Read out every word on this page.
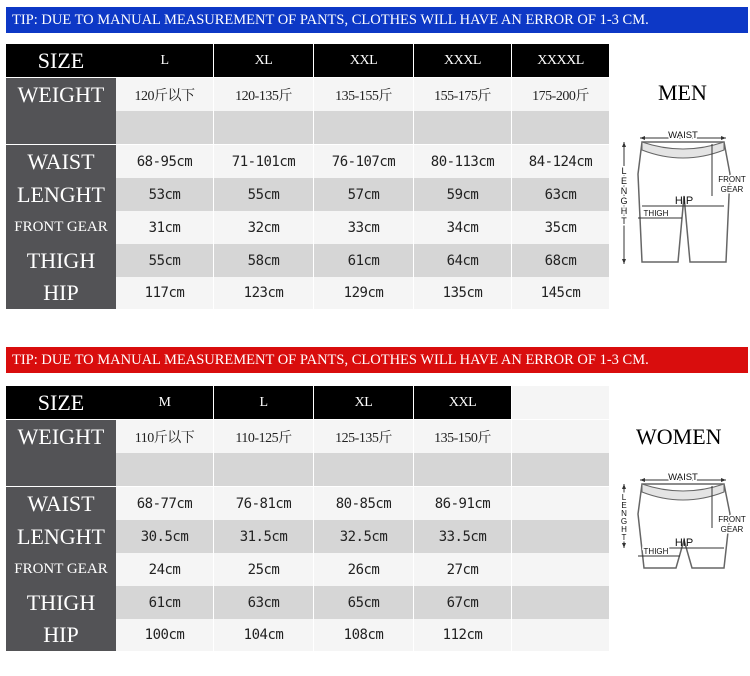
TIP: DUE TO MANUAL MEASUREMENT OF PANTS, CLOTHES WILL HAVE AN ERROR OF 1-3 CM.
SIZE	L	XL	XXL	XXXL	XXXXL
WEIGHT	120斤以下	120-135斤	135-155斤	155-175斤	175-200斤
WAIST	68-95cm	71-101cm	76-107cm	80-113cm	84-124cm
LENGHT	53cm	55cm	57cm	59cm	63cm
FRONT GEAR	31cm	32cm	33cm	34cm	35cm
THIGH	55cm	58cm	61cm	64cm	68cm
HIP	117cm	123cm	129cm	135cm	145cm
MEN
WAIST
L
E
N
G
H
T
HIP
THIGH
FRONT
GEAR
TIP: DUE TO MANUAL MEASUREMENT OF PANTS, CLOTHES WILL HAVE AN ERROR OF 1-3 CM.
SIZE	M	L	XL	XXL
WEIGHT	110斤以下	110-125斤	125-135斤	135-150斤
WAIST	68-77cm	76-81cm	80-85cm	86-91cm
LENGHT	30.5cm	31.5cm	32.5cm	33.5cm
FRONT GEAR	24cm	25cm	26cm	27cm
THIGH	61cm	63cm	65cm	67cm
HIP	100cm	104cm	108cm	112cm
WOMEN
WAIST
L
E
N
G
H
T	HIP
THIGH
FRONT
GEAR
